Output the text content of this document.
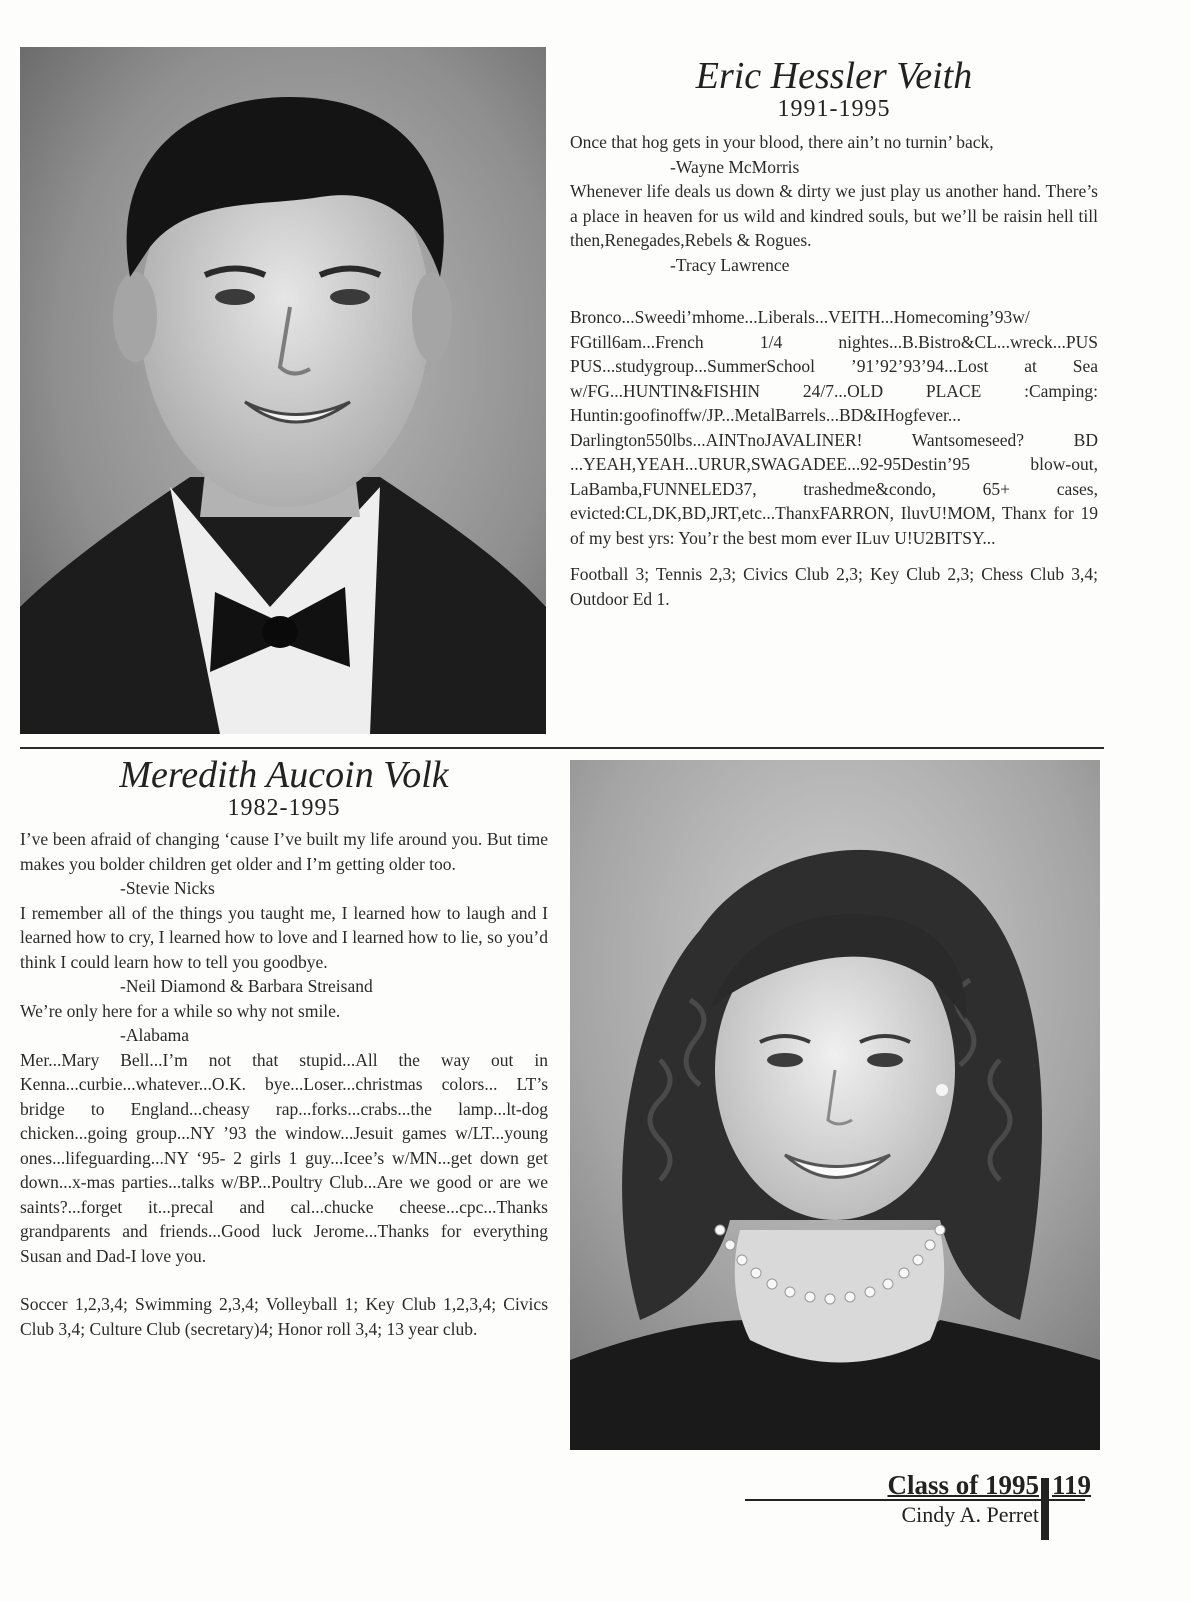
Eric Hessler Veith

1991-1995

Once that hog gets in your blood, there ain’t no turnin’ back,

-Wayne McMorris

Whenever life deals us down & dirty we just play us another hand. There’s a place in heaven for us wild and kindred souls, but we’ll be raisin hell till then,Renegades,Rebels & Rogues.

-Tracy Lawrence

Bronco...Sweedi’mhome...Liberals...VEITH...Homecoming’93w/ FGtill6am...French 1/4 nightes...B.Bistro&CL...wreck...PUS PUS...studygroup...SummerSchool ’91’92’93’94...Lost at Sea w/FG...HUNTIN&FISHIN 24/7...OLD PLACE :Camping: Huntin:goofinoffw/JP...MetalBarrels...BD&IHogfever... Darlington550lbs...AINTnoJAVALINER! Wantsomeseed? BD ...YEAH,YEAH...URUR,SWAGADEE...92-95Destin’95 blow-out, LaBamba,FUNNELED37, trashedme&condo, 65+ cases, evicted:CL,DK,BD,JRT,etc...ThanxFARRON, IluvU!MOM, Thanx for 19 of my best yrs: You’r the best mom ever ILuv U!U2BITSY...

Football 3; Tennis 2,3; Civics Club 2,3; Key Club 2,3; Chess Club 3,4; Outdoor Ed 1.

Meredith Aucoin Volk

1982-1995

I’ve been afraid of changing ‘cause I’ve built my life around you. But time makes you bolder children get older and I’m getting older too.

-Stevie Nicks

I remember all of the things you taught me, I learned how to laugh and I learned how to cry, I learned how to love and I learned how to lie, so you’d think I could learn how to tell you goodbye.

-Neil Diamond & Barbara Streisand

We’re only here for a while so why not smile.

-Alabama

Mer...Mary Bell...I’m not that stupid...All the way out in Kenna...curbie...whatever...O.K. bye...Loser...christmas colors... LT’s bridge to England...cheasy rap...forks...crabs...the lamp...lt-dog chicken...going group...NY ’93 the window...Jesuit games w/LT...young ones...lifeguarding...NY ‘95- 2 girls 1 guy...Icee’s w/MN...get down get down...x-mas parties...talks w/BP...Poultry Club...Are we good or are we saints?...forget it...precal and cal...chucke cheese...cpc...Thanks grandparents and friends...Good luck Jerome...Thanks for everything Susan and Dad-I love you.

Soccer 1,2,3,4; Swimming 2,3,4; Volleyball 1; Key Club 1,2,3,4; Civics Club 3,4; Culture Club (secretary)4; Honor roll 3,4; 13 year club.

Class of 1995 119
Cindy A. Perret
